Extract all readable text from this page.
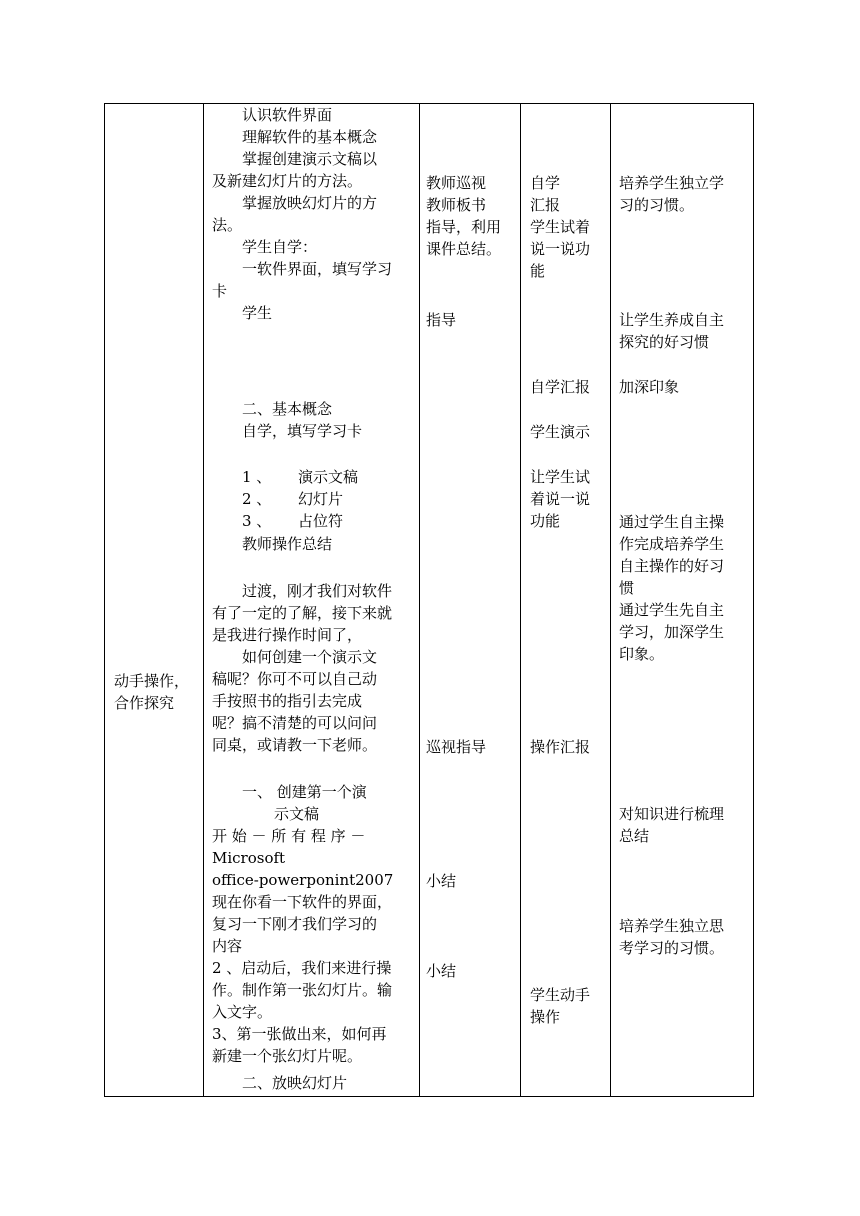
动手操作，
合作探究
认识软件界面
理解软件的基本概念
掌握创建演示文稿以
及新建幻灯片的方法。
掌握放映幻灯片的方
法。
学生自学：
一软件界面，填写学习
卡
学生
二、基本概念
自学，填写学习卡
1 、 演示文稿
2 、 幻灯片
3 、 占位符
教师操作总结
过渡，刚才我们对软件
有了一定的了解，接下来就
是我进行操作时间了，
如何创建一个演示文
稿呢？你可不可以自己动
手按照书的指引去完成
呢？搞不清楚的可以问问
同桌，或请教一下老师。
一、 创建第一个演
示文稿
开 始 － 所 有 程 序 －
Microsoft
office-powerponint2007
现在你看一下软件的界面，
复习一下刚才我们学习的
内容
2 、启动后，我们来进行操
作。制作第一张幻灯片。输
入文字。
3、第一张做出来，如何再
新建一个张幻灯片呢。
二、放映幻灯片
教师巡视
教师板书
指导，利用
课件总结。
指导
巡视指导
小结
小结
自学
汇报
学生试着
说一说功
能
自学汇报
学生演示
让学生试
着说一说
功能
操作汇报
学生动手
操作
培养学生独立学
习的习惯。
让学生养成自主
探究的好习惯
加深印象
通过学生自主操
作完成培养学生
自主操作的好习
惯
通过学生先自主
学习，加深学生
印象。
对知识进行梳理
总结
培养学生独立思
考学习的习惯。
